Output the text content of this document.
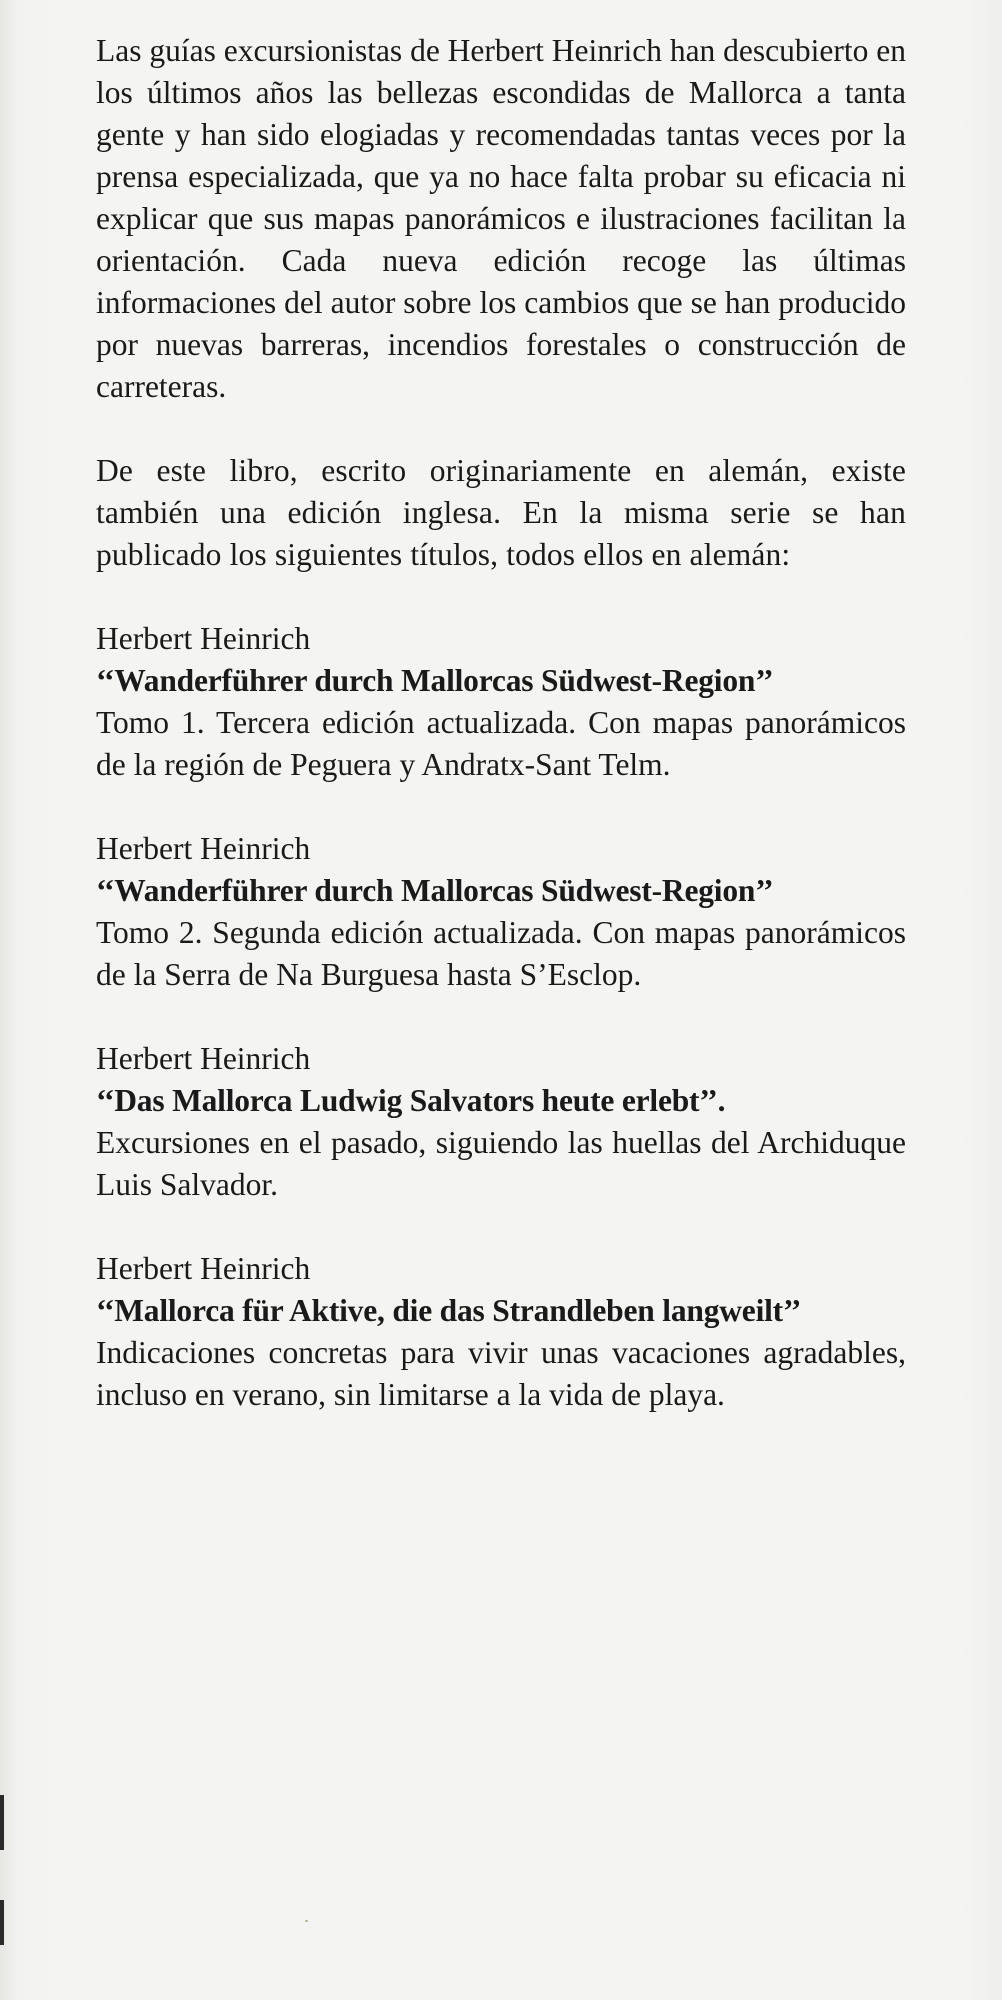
Las guías excursionistas de Herbert Heinrich han descubierto en los últimos años las bellezas escondidas de Mallorca a tanta gente y han sido elogiadas y recomendadas tantas veces por la prensa especializada, que ya no hace falta probar su eficacia ni explicar que sus mapas panorámicos e ilustraciones facilitan la orientación. Cada nueva edición recoge las últimas informaciones del autor sobre los cambios que se han producido por nuevas barreras, incendios forestales o construcción de carreteras.

De este libro, escrito originariamente en alemán, existe también una edición inglesa. En la misma serie se han publicado los siguientes títulos, todos ellos en alemán:

Herbert Heinrich

‘‘Wanderführer durch Mallorcas Südwest-Region’’

Tomo 1. Tercera edición actualizada. Con mapas panorámicos de la región de Peguera y Andratx-Sant Telm.

Herbert Heinrich

‘‘Wanderführer durch Mallorcas Südwest-Region’’

Tomo 2. Segunda edición actualizada. Con mapas panorámicos de la Serra de Na Burguesa hasta S’Esclop.

Herbert Heinrich

‘‘Das Mallorca Ludwig Salvators heute erlebt’’.

Excursiones en el pasado, siguiendo las huellas del Archiduque Luis Salvador.

Herbert Heinrich

‘‘Mallorca für Aktive, die das Strandleben langweilt’’

Indicaciones concretas para vivir unas vacaciones agradables, incluso en verano, sin limitarse a la vida de playa.
